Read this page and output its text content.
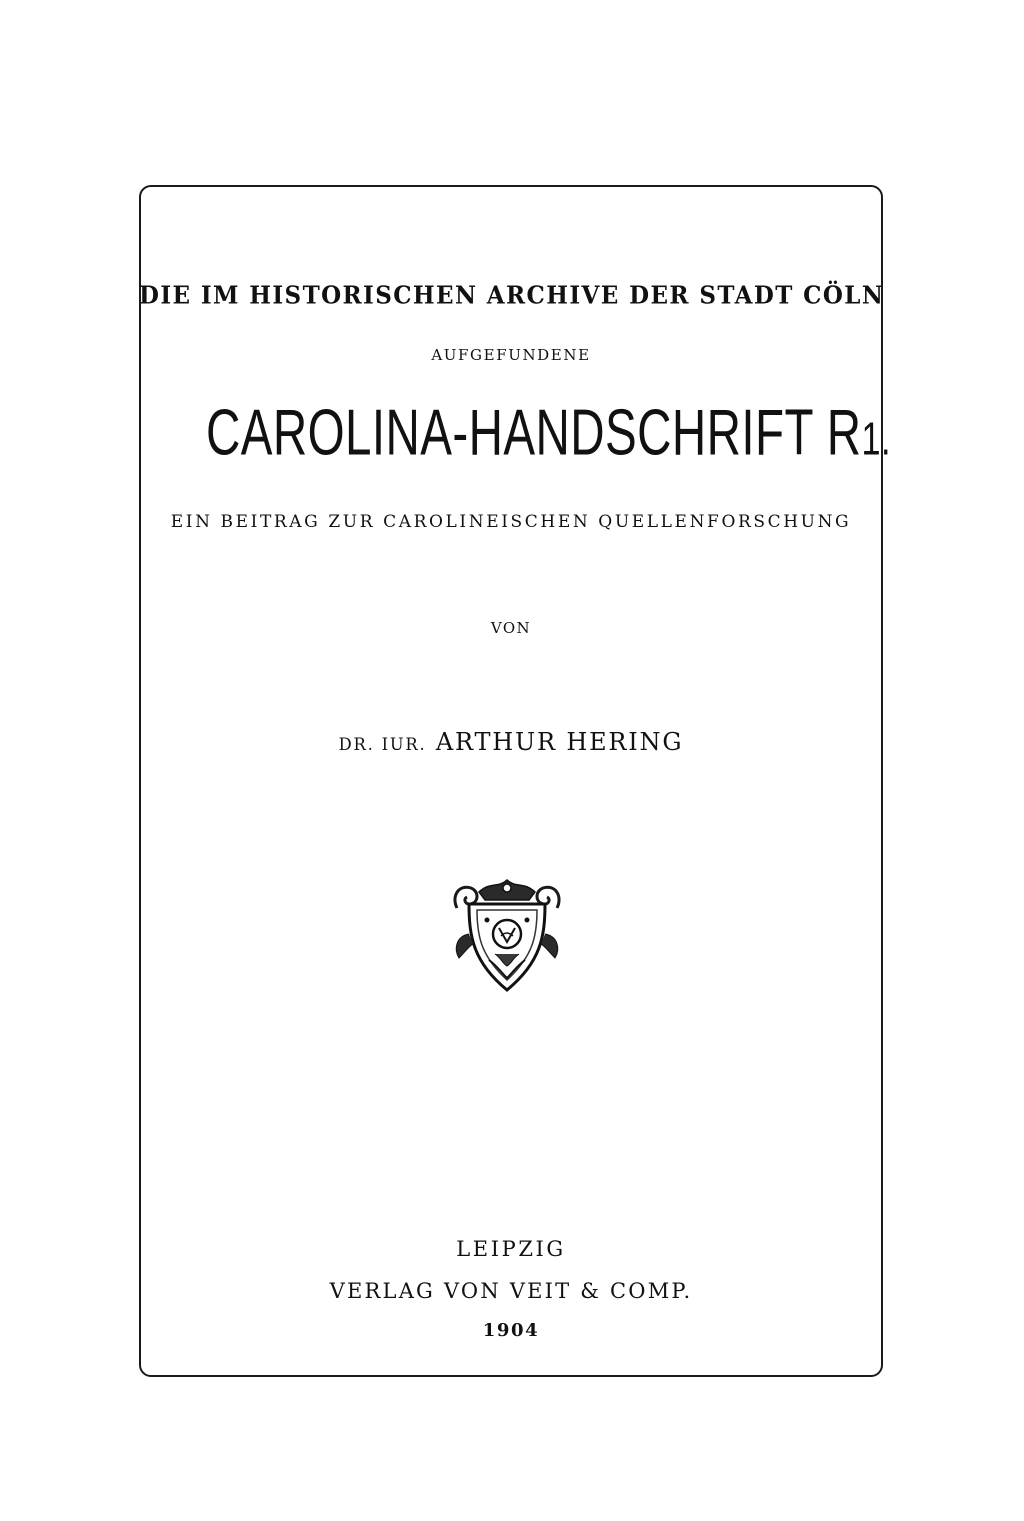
DIE IM HISTORISCHEN ARCHIVE DER STADT CÖLN
AUFGEFUNDENE
CAROLINA-HANDSCHRIFT R1.
EIN BEITRAG ZUR CAROLINEISCHEN QUELLENFORSCHUNG
VON
DR. IUR. ARTHUR HERING
LEIPZIG
VERLAG VON VEIT & COMP.
1904
